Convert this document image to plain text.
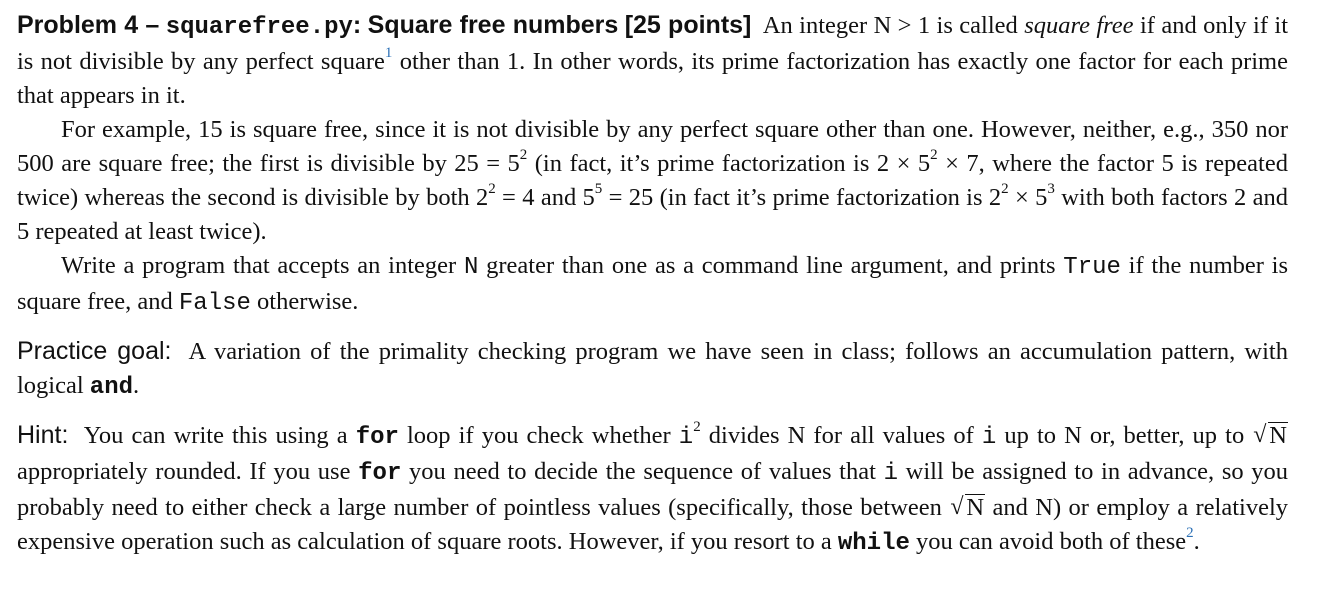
Problem 4 – squarefree.py: Square free numbers [25 points] An integer N > 1 is called square free if and only if it is not divisible by any perfect square$^1$ other than 1. In other words, its prime factorization has exactly one factor for each prime that appears in it.

For example, 15 is square free, since it is not divisible by any perfect square other than one. However, neither, e.g., 350 nor 500 are square free; the first is divisible by $25 = 5^2$ (in fact, it’s prime factorization is $2 \times 5^2 \times 7$, where the factor 5 is repeated twice) whereas the second is divisible by both $2^2 = 4$ and $5^5 = 25$ (in fact it’s prime factorization is $2^2 \times 5^3$ with both factors 2 and 5 repeated at least twice).

Write a program that accepts an integer N greater than one as a command line argument, and prints True if the number is square free, and False otherwise.

Practice goal: A variation of the primality checking program we have seen in class; follows an accumulation pattern, with logical and.

Hint: You can write this using a for loop if you check whether $i^2$ divides N for all values of i up to N or, better, up to √ N appropriately rounded. If you use for you need to decide the sequence of values that i will be assigned to in advance, so you probably need to either check a large number of pointless values (specifically, those between √ N and N) or employ a relatively expensive operation such as calculation of square roots. However, if you resort to a while you can avoid both of these$^2$.
